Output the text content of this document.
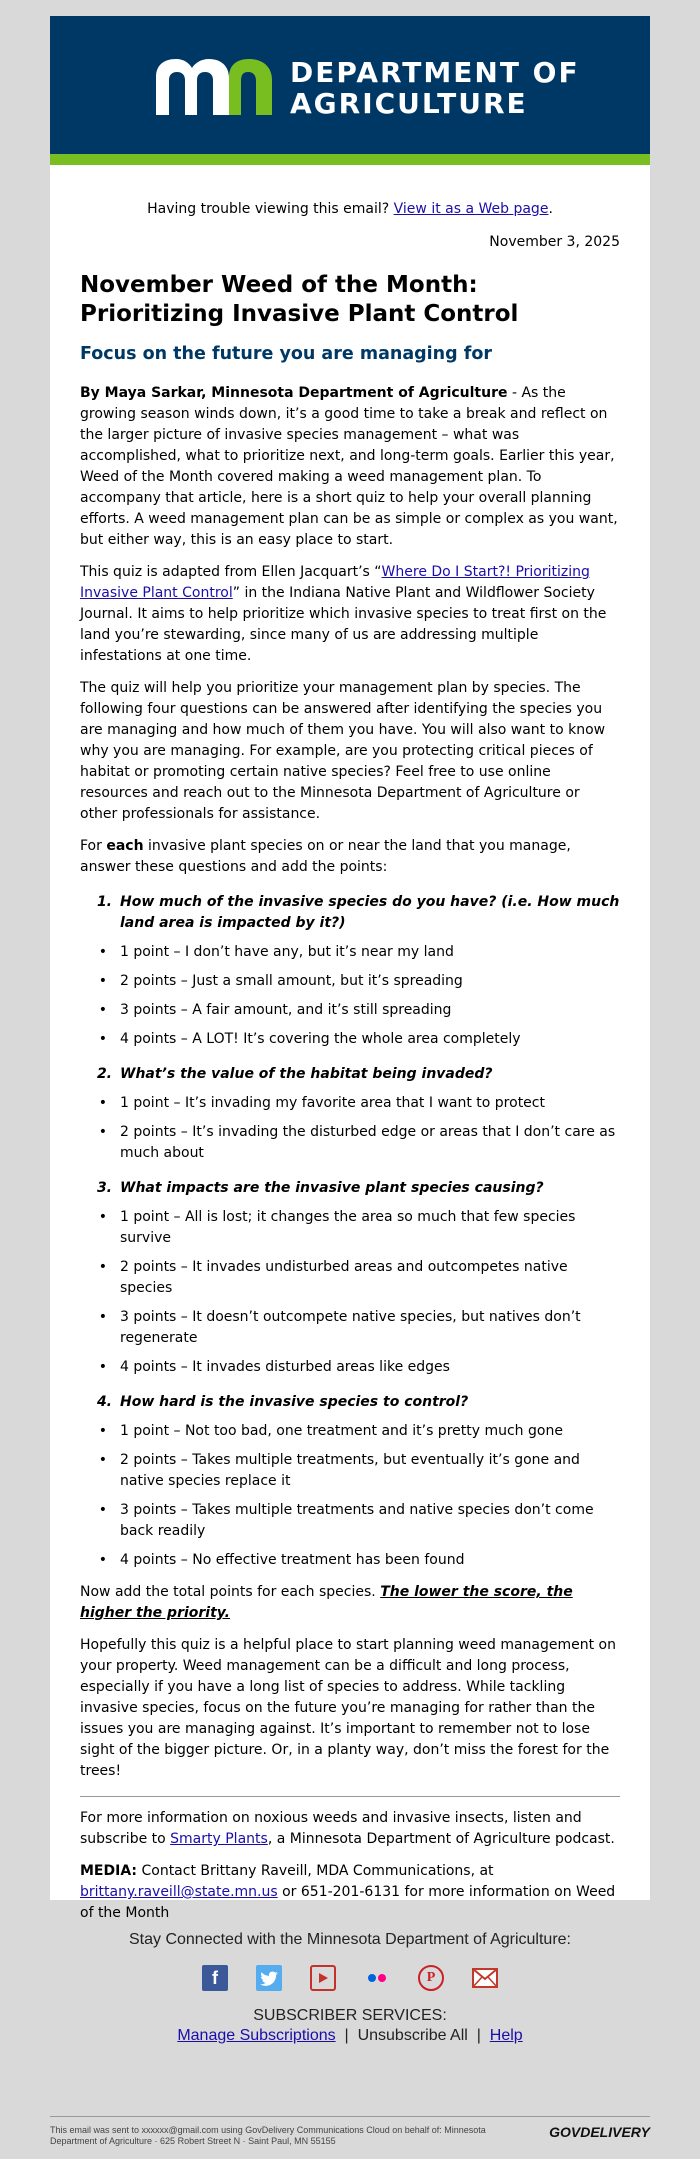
DEPARTMENT OF
AGRICULTURE
Having trouble viewing this email? View it as a Web page.
November 3, 2025
November Weed of the Month: Prioritizing Invasive Plant Control
Focus on the future you are managing for

By Maya Sarkar, Minnesota Department of Agriculture - As the growing season winds down, it’s a good time to take a break and reflect on the larger picture of invasive species management – what was accomplished, what to prioritize next, and long-term goals. Earlier this year, Weed of the Month covered making a weed management plan. To accompany that article, here is a short quiz to help your overall planning efforts. A weed management plan can be as simple or complex as you want, but either way, this is an easy place to start.

This quiz is adapted from Ellen Jacquart’s “Where Do I Start?! Prioritizing Invasive Plant Control” in the Indiana Native Plant and Wildflower Society Journal. It aims to help prioritize which invasive species to treat first on the land you’re stewarding, since many of us are addressing multiple infestations at one time.

The quiz will help you prioritize your management plan by species. The following four questions can be answered after identifying the species you are managing and how much of them you have. You will also want to know why you are managing. For example, are you protecting critical pieces of habitat or promoting certain native species? Feel free to use online resources and reach out to the Minnesota Department of Agriculture or other professionals for assistance.

For each invasive plant species on or near the land that you manage, answer these questions and add the points:

1. How much of the invasive species do you have? (i.e. How much land area is impacted by it?)
• 1 point – I don’t have any, but it’s near my land
• 2 points – Just a small amount, but it’s spreading
• 3 points – A fair amount, and it’s still spreading
• 4 points – A LOT! It’s covering the whole area completely
2. What’s the value of the habitat being invaded?
• 1 point – It’s invading my favorite area that I want to protect
• 2 points – It’s invading the disturbed edge or areas that I don’t care as much about
3. What impacts are the invasive plant species causing?
• 1 point – All is lost; it changes the area so much that few species survive
• 2 points – It invades undisturbed areas and outcompetes native species
• 3 points – It doesn’t outcompete native species, but natives don’t regenerate
• 4 points – It invades disturbed areas like edges
4. How hard is the invasive species to control?
• 1 point – Not too bad, one treatment and it’s pretty much gone
• 2 points – Takes multiple treatments, but eventually it’s gone and native species replace it
• 3 points – Takes multiple treatments and native species don’t come back readily
• 4 points – No effective treatment has been found

Now add the total points for each species. The lower the score, the higher the priority.

Hopefully this quiz is a helpful place to start planning weed management on your property. Weed management can be a difficult and long process, especially if you have a long list of species to address. While tackling invasive species, focus on the future you’re managing for rather than the issues you are managing against. It’s important to remember not to lose sight of the bigger picture. Or, in a planty way, don’t miss the forest for the trees!

For more information on noxious weeds and invasive insects, listen and subscribe to Smarty Plants, a Minnesota Department of Agriculture podcast.

MEDIA: Contact Brittany Raveill, MDA Communications, at brittany.raveill@state.mn.us or 651-201-6131 for more information on Weed of the Month

Stay Connected with the Minnesota Department of Agriculture:
f	P
SUBSCRIBER SERVICES:
Manage Subscriptions  |  Unsubscribe All  |  Help
This email was sent to xxxxxx@gmail.com using GovDelivery Communications Cloud on behalf of: Minnesota Department of Agriculture · 625 Robert Street N · Saint Paul, MN 55155
GOVDELIVERY
